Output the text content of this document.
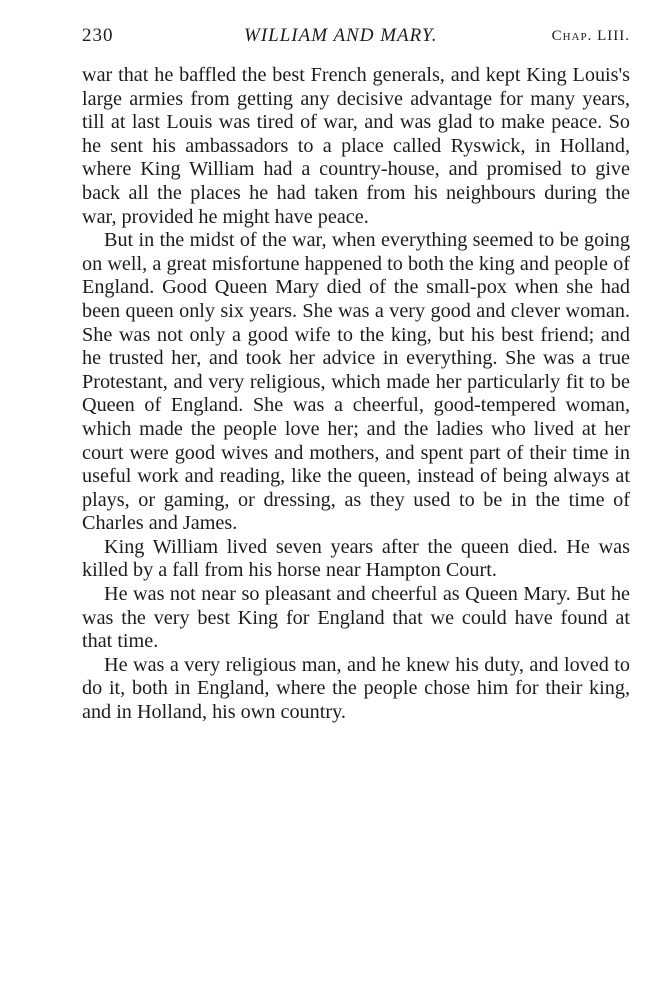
230	WILLIAM AND MARY.	Chap. LIII.

war that he baffled the best French generals, and kept King Louis's large armies from getting any decisive advantage for many years, till at last Louis was tired of war, and was glad to make peace. So he sent his ambassadors to a place called Ryswick, in Holland, where King William had a country-house, and promised to give back all the places he had taken from his neighbours during the war, provided he might have peace.

But in the midst of the war, when everything seemed to be going on well, a great misfortune happened to both the king and people of England. Good Queen Mary died of the small-pox when she had been queen only six years. She was a very good and clever woman. She was not only a good wife to the king, but his best friend; and he trusted her, and took her advice in everything. She was a true Protestant, and very religious, which made her particularly fit to be Queen of England. She was a cheerful, good-tempered woman, which made the people love her; and the ladies who lived at her court were good wives and mothers, and spent part of their time in useful work and reading, like the queen, instead of being always at plays, or gaming, or dressing, as they used to be in the time of Charles and James.

King William lived seven years after the queen died. He was killed by a fall from his horse near Hampton Court.

He was not near so pleasant and cheerful as Queen Mary. But he was the very best King for England that we could have found at that time.

He was a very religious man, and he knew his duty, and loved to do it, both in England, where the people chose him for their king, and in Holland, his own country.
